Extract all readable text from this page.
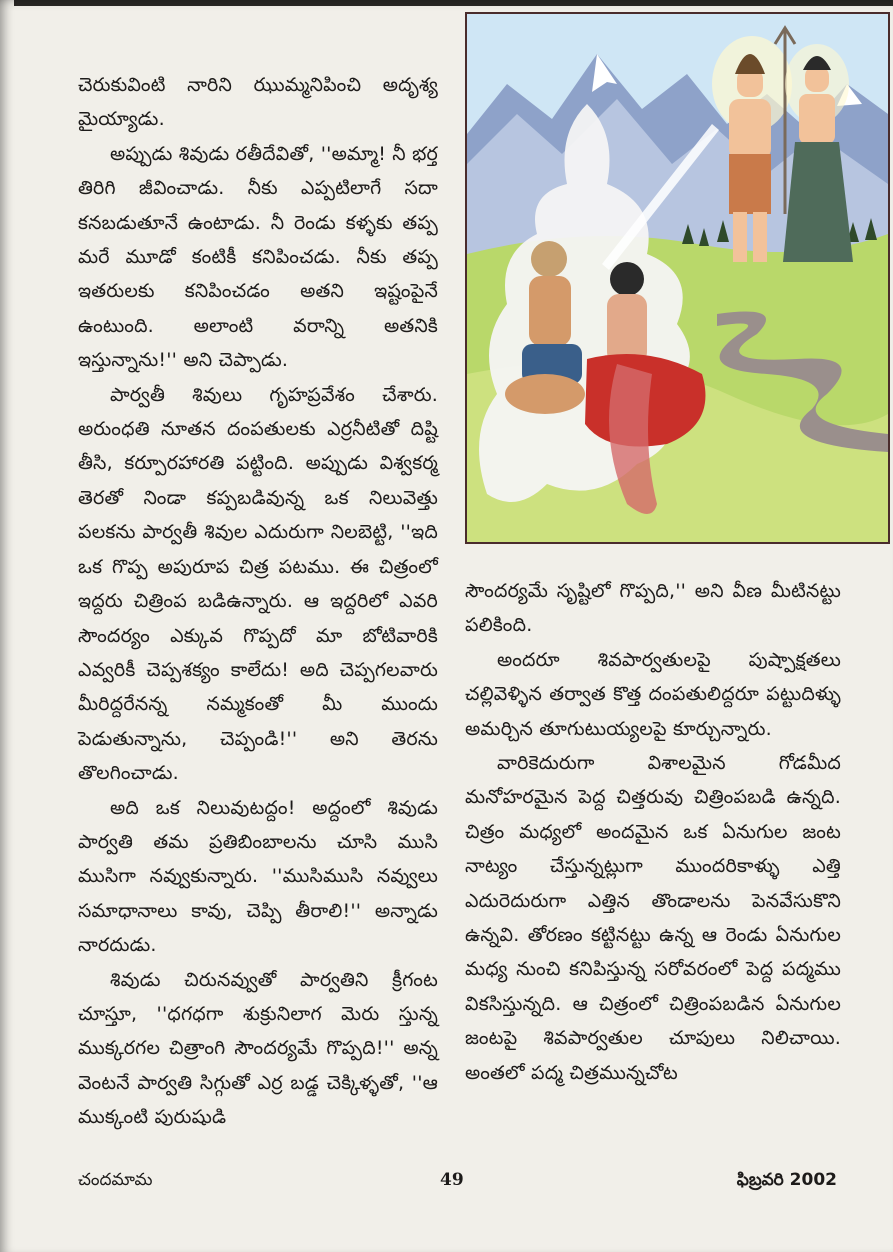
చెరుకువింటి నారిని ఝుమ్మనిపించి అదృశ్య మైయ్యాడు.

అప్పుడు శివుడు రతీదేవితో, ''అమ్మా! నీ భర్త తిరిగి జీవించాడు. నీకు ఎప్పటిలాగే సదా కనబడుతూనే ఉంటాడు. నీ రెండు కళ్ళకు తప్ప మరే మూడో కంటికీ కనిపించడు. నీకు తప్ప ఇతరులకు కనిపించడం అతని ఇష్టంపైనే ఉంటుంది. అలాంటి వరాన్ని అతనికి ఇస్తున్నాను!'' అని చెప్పాడు.

పార్వతీ శివులు గృహప్రవేశం చేశారు. అరుంధతి నూతన దంపతులకు ఎర్రనీటితో దిష్టి తీసి, కర్పూరహారతి పట్టింది. అప్పుడు విశ్వకర్మ తెరతో నిండా కప్పబడివున్న ఒక నిలువెత్తు పలకను పార్వతీ శివుల ఎదురుగా నిలబెట్టి, ''ఇది ఒక గొప్ప అపురూప చిత్ర పటము. ఈ చిత్రంలో ఇద్దరు చిత్రింప బడిఉన్నారు. ఆ ఇద్దరిలో ఎవరి సౌందర్యం ఎక్కువ గొప్పదో మా బోటివారికి ఎవ్వరికీ చెప్పశక్యం కాలేదు! అది చెప్పగలవారు మీరిద్దరేనన్న నమ్మకంతో మీ ముందు పెడుతున్నాను, చెప్పండి!'' అని తెరను తొలగించాడు.

అది ఒక నిలువుటద్దం! అద్దంలో శివుడు పార్వతి తమ ప్రతిబింబాలను చూసి ముసి ముసిగా నవ్వుకున్నారు. ''ముసిముసి నవ్వులు సమాధానాలు కావు, చెప్పి తీరాలి!'' అన్నాడు నారదుడు.

శివుడు చిరునవ్వుతో పార్వతిని క్రీగంట చూస్తూ, ''ధగధగా శుక్రునిలాగ మెరు స్తున్న ముక్కరగల చిత్రాంగి సౌందర్యమే గొప్పది!'' అన్న వెంటనే పార్వతి సిగ్గుతో ఎర్ర బడ్డ చెక్కిళ్ళతో, ''ఆ ముక్కంటి పురుషుడి

సౌందర్యమే సృష్టిలో గొప్పది,'' అని వీణ మీటినట్టు పలికింది.

అందరూ శివపార్వతులపై పుష్పాక్షతలు చల్లివెళ్ళిన తర్వాత కొత్త దంపతులిద్దరూ పట్టుదిళ్ళు అమర్చిన తూగుటుయ్యలపై కూర్చున్నారు.

వారికెదురుగా విశాలమైన గోడమీద మనోహరమైన పెద్ద చిత్తరువు చిత్రింపబడి ఉన్నది. చిత్రం మధ్యలో అందమైన ఒక ఏనుగుల జంట నాట్యం చేస్తున్నట్లుగా ముందరికాళ్ళు ఎత్తి ఎదురెదురుగా ఎత్తిన తొండాలను పెనవేసుకొని ఉన్నవి. తోరణం కట్టినట్టు ఉన్న ఆ రెండు ఏనుగుల మధ్య నుంచి కనిపిస్తున్న సరోవరంలో పెద్ద పద్మము వికసిస్తున్నది. ఆ చిత్రంలో చిత్రింపబడిన ఏనుగుల జంటపై శివపార్వతుల చూపులు నిలిచాయి. అంతలో పద్మ చిత్రమున్నచోట

చందమామ	49	ఫిబ్రవరి 2002
